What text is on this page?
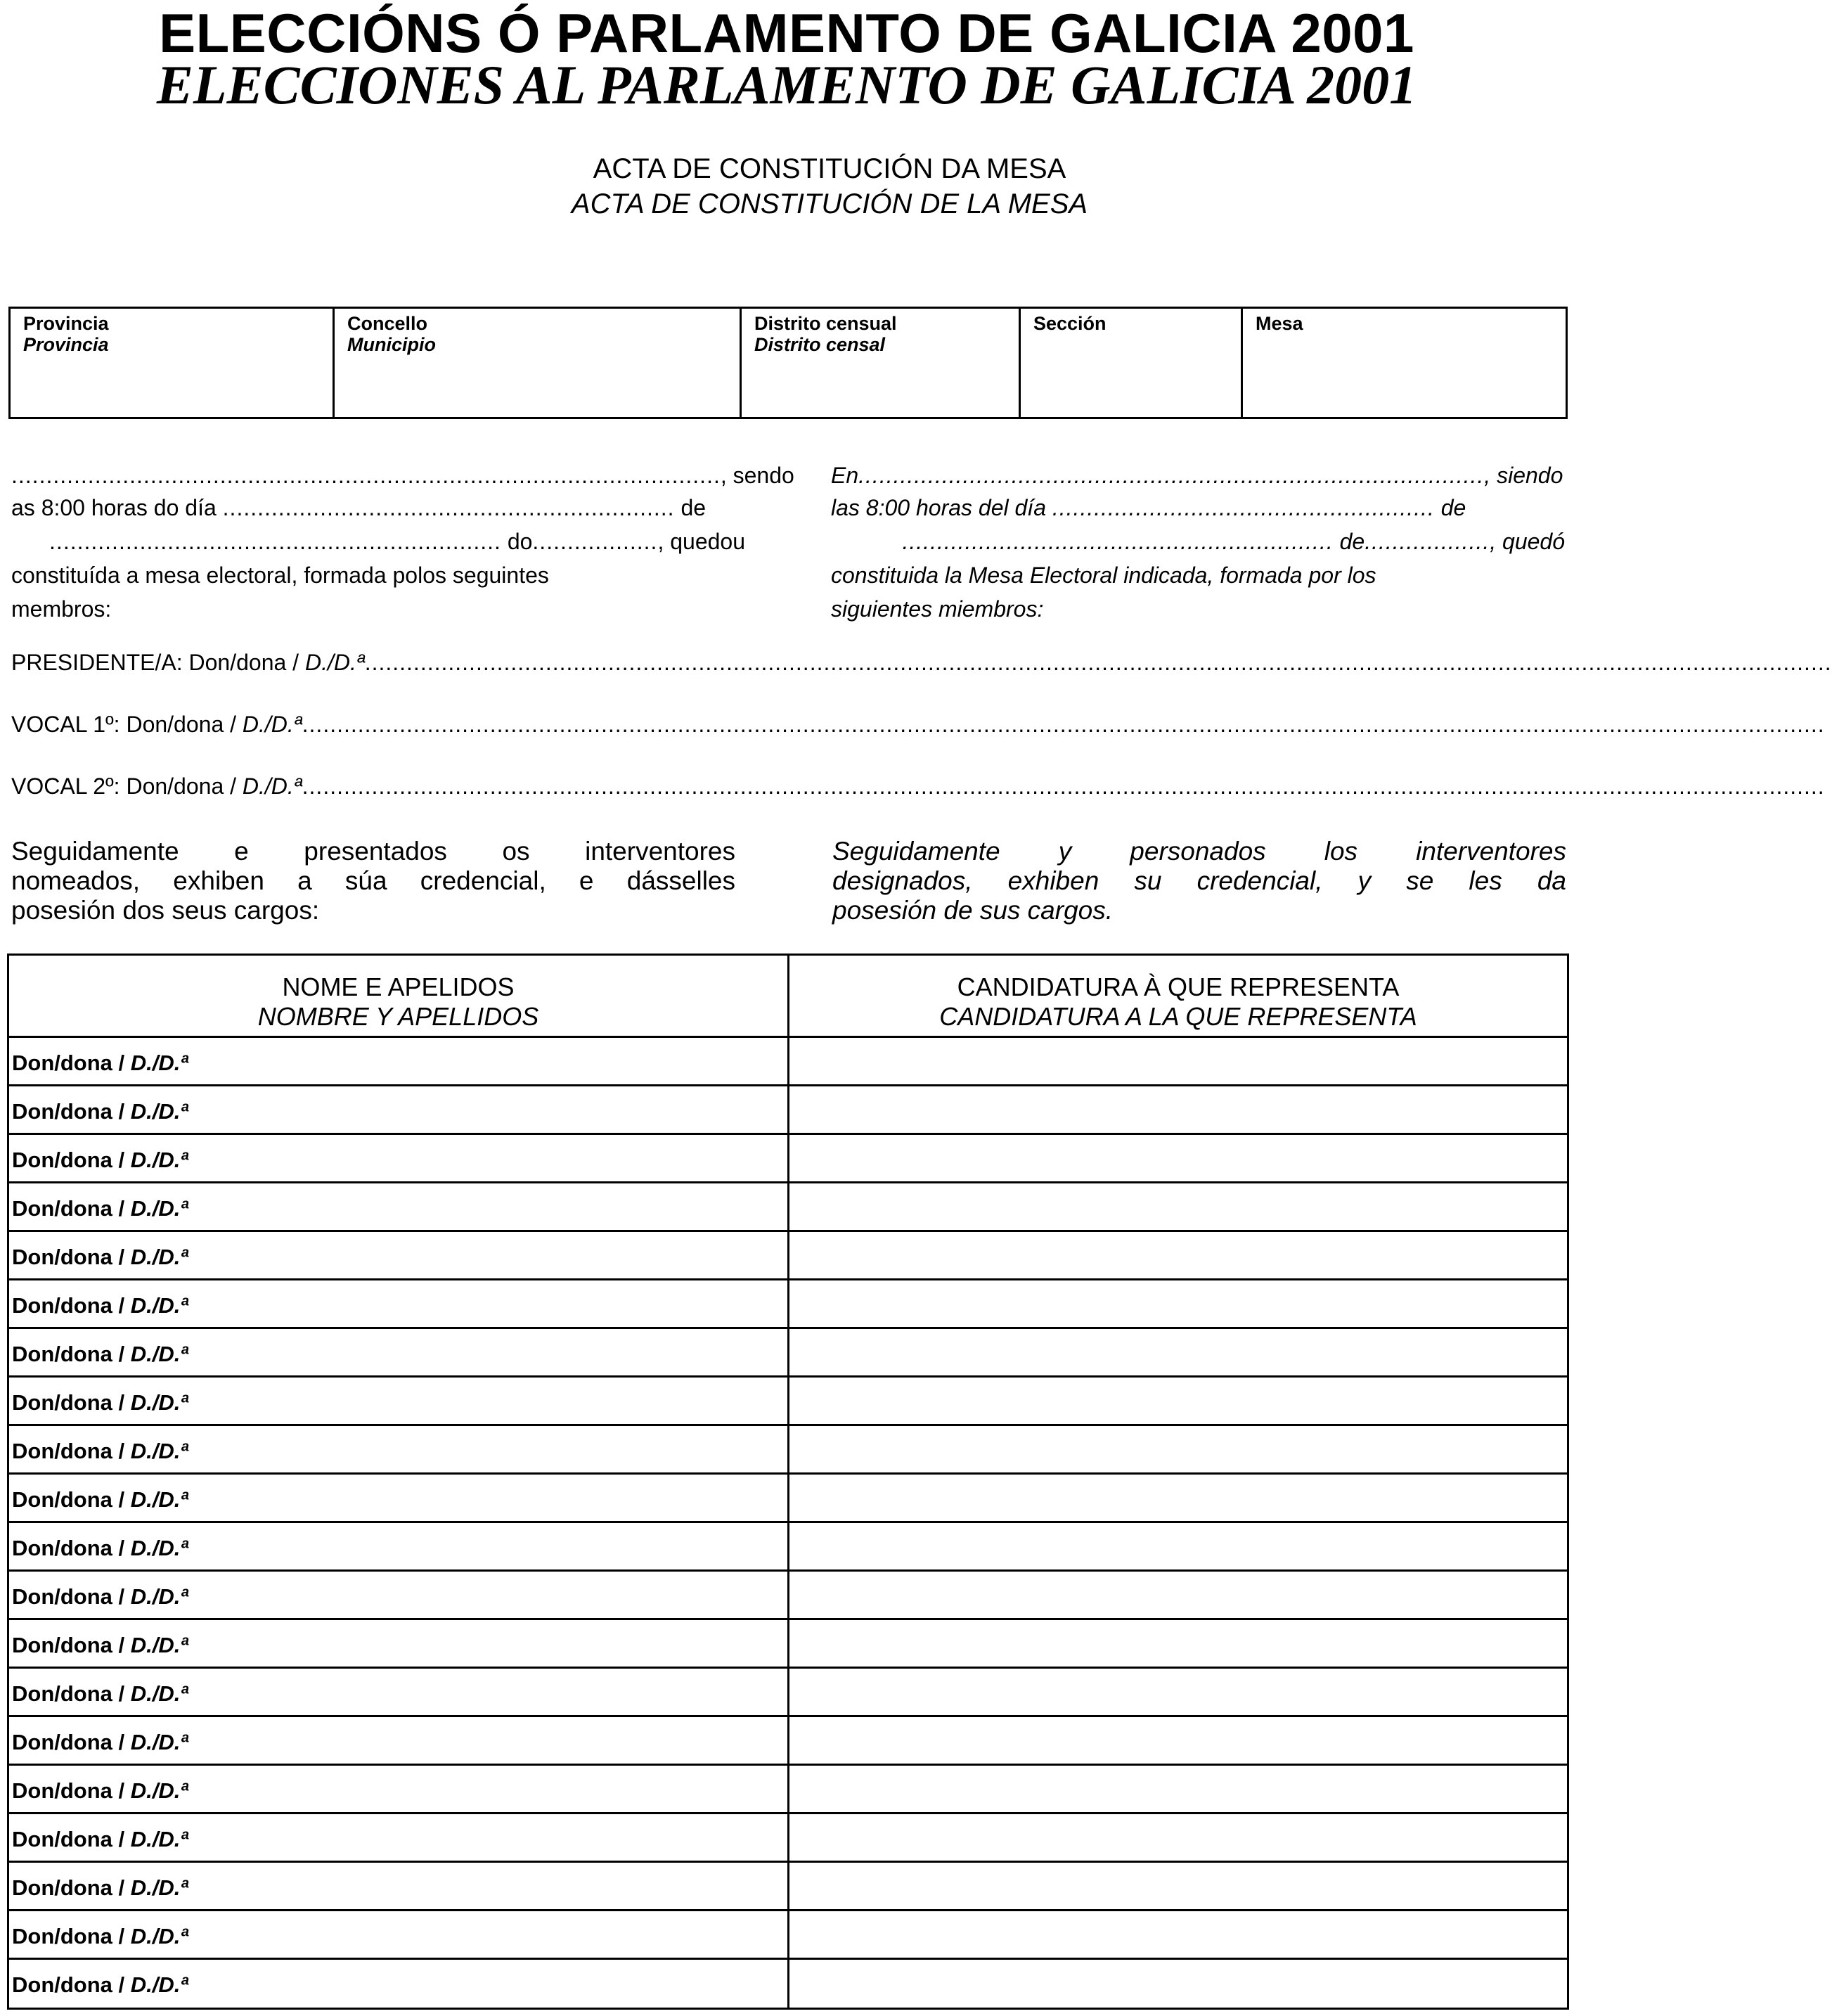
ELECCIÓNS Ó PARLAMENTO DE GALICIA 2001
ELECCIONES AL PARLAMENTO DE GALICIA 2001
ACTA DE CONSTITUCIÓN DA MESA
ACTA DE CONSTITUCIÓN DE LA MESA
Provincia
Provincia
Concello
Municipio
Distrito censual
Distrito censal
Sección	Mesa
......................................................................................................, sendo
as 8:00 horas do día ................................................................. de
................................................................. do.................., quedou
constituída a mesa electoral, formada polos seguintes
membros:
En.........................................................................................., siendo
las 8:00 horas del día ....................................................... de
.............................................................. de.................., quedó
constituida la Mesa Electoral indicada, formada por los
siguientes miembros:
PRESIDENTE/A: Don/dona / D./D.ª...................................................................................................................................................................................................................
VOCAL 1º: Don/dona / D./D.ª...........................................................................................................................................................................................................................
VOCAL 2º: Don/dona / D./D.ª...........................................................................................................................................................................................................................
Seguidamente e presentados os interventores
nomeados, exhiben a súa credencial, e dásselles
posesión dos seus cargos:
Seguidamente y personados los interventores
designados, exhiben su credencial, y se les da
posesión de sus cargos.
NOME E APELIDOS
NOMBRE Y APELLIDOS
CANDIDATURA À QUE REPRESENTA
CANDIDATURA A LA QUE REPRESENTA
Don/dona / D./D.ª
Don/dona / D./D.ª
Don/dona / D./D.ª
Don/dona / D./D.ª
Don/dona / D./D.ª
Don/dona / D./D.ª
Don/dona / D./D.ª
Don/dona / D./D.ª
Don/dona / D./D.ª
Don/dona / D./D.ª
Don/dona / D./D.ª
Don/dona / D./D.ª
Don/dona / D./D.ª
Don/dona / D./D.ª
Don/dona / D./D.ª
Don/dona / D./D.ª
Don/dona / D./D.ª
Don/dona / D./D.ª
Don/dona / D./D.ª
Don/dona / D./D.ª
